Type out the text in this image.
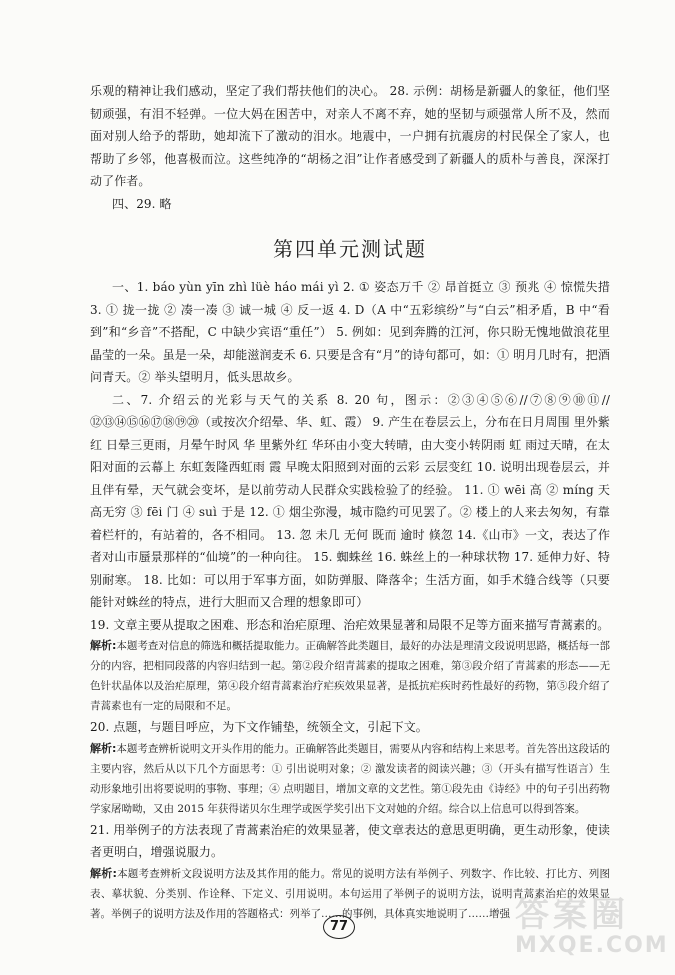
乐观的精神让我们感动，坚定了我们帮扶他们的决心。 28. 示例：胡杨是新疆人的象征，他们坚韧顽强，有泪不轻弹。一位大妈在困苦中，对亲人不离不弃，她的坚韧与顽强常人所不及，然而面对别人给予的帮助，她却流下了激动的泪水。地震中，一户拥有抗震房的村民保全了家人，也帮助了乡邻，他喜极而泣。这些纯净的“胡杨之泪”让作者感受到了新疆人的质朴与善良，深深打动了作者。

四、29. 略

第四单元测试题

一、1. báo yùn yīn zhì lüè háo mái yì 2. ① 姿态万千 ② 昂首挺立 ③ 预兆 ④ 惊慌失措 3. ① 拢一拢 ② 凑一凑 ③ 诚一城 ④ 反一返 4. D（A 中“五彩缤纷”与“白云”相矛盾，B 中“看到”和“乡音”不搭配，C 中缺少宾语“重任”） 5. 例如：见到奔腾的江河，你只盼无愧地做浪花里晶莹的一朵。虽是一朵，却能滋润麦禾 6. 只要是含有“月”的诗句都可，如：① 明月几时有，把酒问青天。② 举头望明月，低头思故乡。

二、7. 介绍云的光彩与天气的关系 8. 20 句，图示：②③④⑤⑥//⑦⑧⑨⑩⑪//⑫⑬⑭⑮⑯⑰⑱⑲⑳（或按次介绍晕、华、虹、霞） 9. 产生在卷层云上，分布在日月周围 里外紫红 日晕三更雨，月晕午时风 华 里紫外红 华环由小变大转晴，由大变小转阴雨 虹 雨过天晴，在太阳对面的云幕上 东虹轰隆西虹雨 霞 早晚太阳照到对面的云彩 云层变红 10. 说明出现卷层云，并且伴有晕，天气就会变坏，是以前劳动人民群众实践检验了的经验。 11. ① wēi 高 ② míng 天高无穷 ③ fēi 门 ④ suì 于是 12. ① 烟尘弥漫，城市隐约可见罢了。② 楼上的人来去匆匆，有靠着栏杆的，有站着的，各不相同。 13. 忽 未几 无何 既而 逾时 倏忽 14.《山市》一文，表达了作者对山市蜃景那样的“仙境”的一种向往。 15. 蜘蛛丝 16. 蛛丝上的一种球状物 17. 延伸力好、特别耐寒。 18. 比如：可以用于军事方面，如防弹服、降落伞；生活方面，如手术缝合线等（只要能针对蛛丝的特点，进行大胆而又合理的想象即可）

19. 文章主要从提取之困难、形态和治疟原理、治疟效果显著和局限不足等方面来描写青蒿素的。

解析:本题考查对信息的筛选和概括提取能力。正确解答此类题目，最好的办法是理清文段说明思路，概括每一部分的内容，把相同段落的内容归结到一起。第②段介绍青蒿素的提取之困难，第③段介绍了青蒿素的形态——无色针状晶体以及治疟原理，第④段介绍青蒿素治疗疟疾效果显著，是抵抗疟疾时药性最好的药物，第⑤段介绍了青蒿素也有一定的局限和不足。

20. 点题，与题目呼应，为下文作铺垫，统领全文，引起下文。

解析:本题考查辨析说明文开头作用的能力。正确解答此类题目，需要从内容和结构上来思考。首先答出这段话的主要内容，然后从以下几个方面思考：① 引出说明对象；② 激发读者的阅读兴趣；③（开头有描写性语言）生动形象地引出将要说明的事物、事理；④ 点明题目，增加文章的文艺性。第①段先由《诗经》中的句子引出药物学家屠呦呦，又由 2015 年获得诺贝尔生理学或医学奖引出下文对她的介绍。综合以上信息可以得到答案。

21. 用举例子的方法表现了青蒿素治疟的效果显著，使文章表达的意思更明确，更生动形象，使读者更明白，增强说服力。

解析:本题考查辨析文段说明方法及其作用的能力。常见的说明方法有举例子、列数字、作比较、打比方、列图表、摹状貌、分类别、作诠释、下定义、引用说明。本句运用了举例子的说明方法，说明青蒿素治疟的效果显著。举例子的说明方法及作用的答题格式：列举了……的事例，具体真实地说明了……增强

77	答案圈
MXQE.COM
